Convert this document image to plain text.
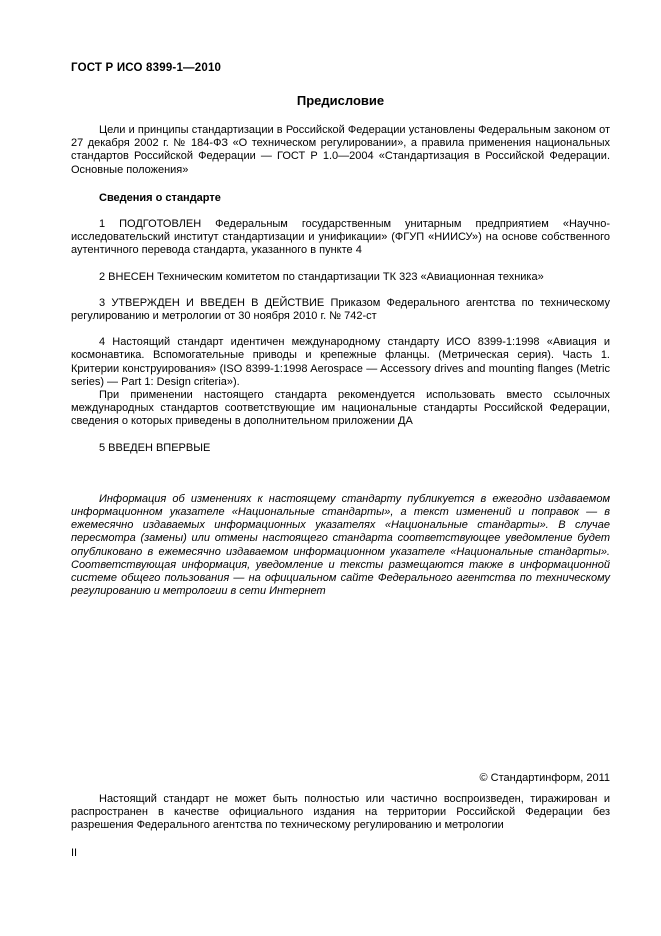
ГОСТ Р ИСО 8399-1—2010
Предисловие

Цели и принципы стандартизации в Российской Федерации установлены Федеральным законом от 27 декабря 2002 г. № 184-ФЗ «О техническом регулировании», а правила применения национальных стандартов Российской Федерации — ГОСТ Р 1.0—2004 «Стандартизация в Российской Федерации. Основные положения»

Сведения о стандарте

1 ПОДГОТОВЛЕН Федеральным государственным унитарным предприятием «Научно-исследовательский институт стандартизации и унификации» (ФГУП «НИИСУ») на основе собственного аутентичного перевода стандарта, указанного в пункте 4

2 ВНЕСЕН Техническим комитетом по стандартизации ТК 323 «Авиационная техника»

3 УТВЕРЖДЕН И ВВЕДЕН В ДЕЙСТВИЕ Приказом Федерального агентства по техническому регулированию и метрологии от 30 ноября 2010 г. № 742-ст

4 Настоящий стандарт идентичен международному стандарту ИСО 8399-1:1998 «Авиация и космонавтика. Вспомогательные приводы и крепежные фланцы. (Метрическая серия). Часть 1. Критерии конструирования» (ISO 8399-1:1998 Aerospace — Accessory drives and mounting flanges (Metric series) — Part 1: Design criteria»).

При применении настоящего стандарта рекомендуется использовать вместо ссылочных международных стандартов соответствующие им национальные стандарты Российской Федерации, сведения о которых приведены в дополнительном приложении ДА

5 ВВЕДЕН ВПЕРВЫЕ

Информация об изменениях к настоящему стандарту публикуется в ежегодно издаваемом информационном указателе «Национальные стандарты», а текст изменений и поправок — в ежемесячно издаваемых информационных указателях «Национальные стандарты». В случае пересмотра (замены) или отмены настоящего стандарта соответствующее уведомление будет опубликовано в ежемесячно издаваемом информационном указателе «Национальные стандарты». Соответствующая информация, уведомление и тексты размещаются также в информационной системе общего пользования — на официальном сайте Федерального агентства по техническому регулированию и метрологии в сети Интернет

© Стандартинформ, 2011

Настоящий стандарт не может быть полностью или частично воспроизведен, тиражирован и распространен в качестве официального издания на территории Российской Федерации без разрешения Федерального агентства по техническому регулированию и метрологии

II
